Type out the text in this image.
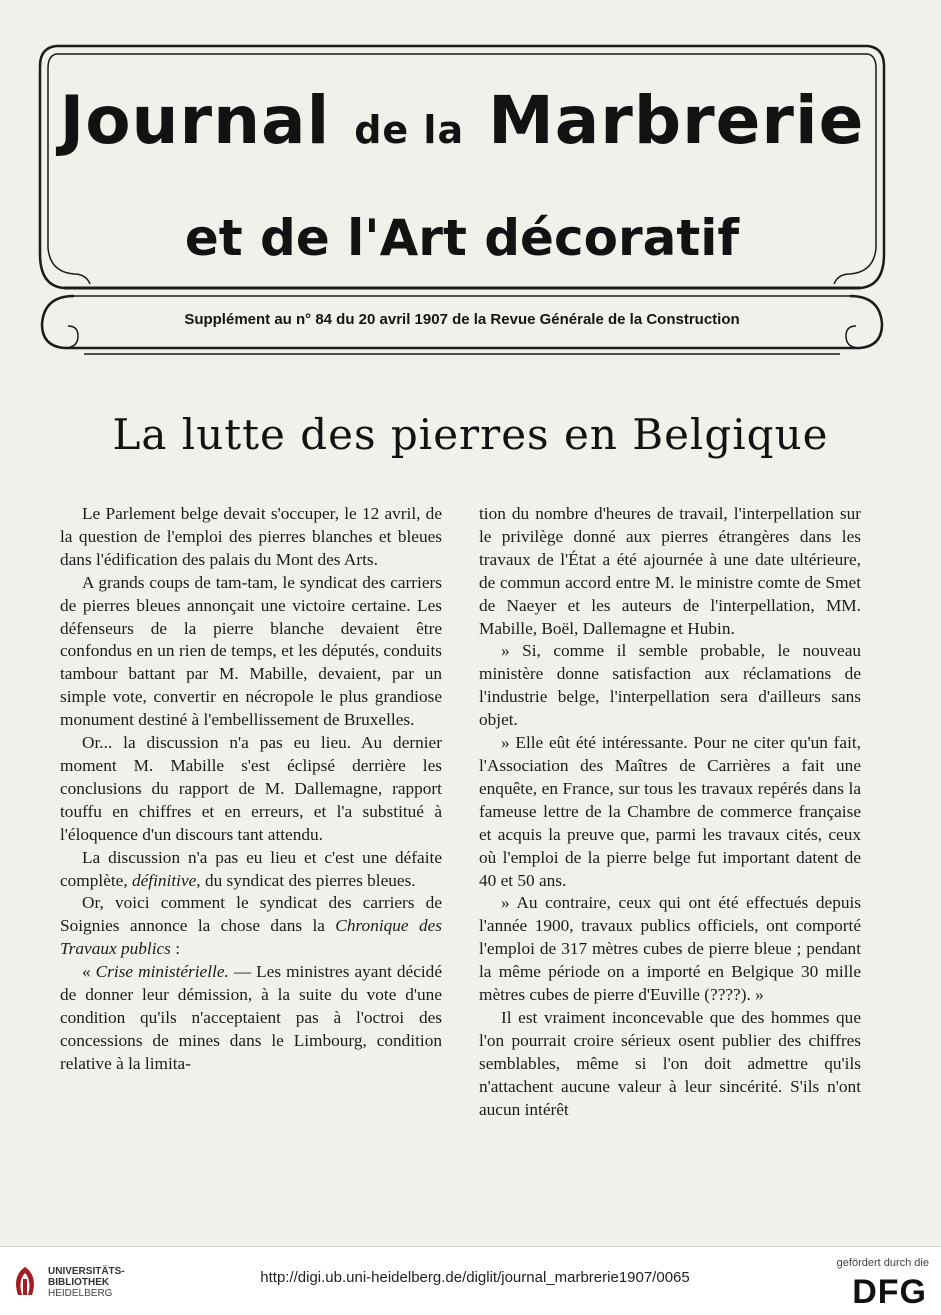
Journal de la Marbrerie
et de l'Art décoratif
Supplément au n° 84 du 20 avril 1907 de la Revue Générale de la Construction
La lutte des pierres en Belgique

Le Parlement belge devait s'occuper, le 12 avril, de la question de l'emploi des pierres blanches et bleues dans l'édification des palais du Mont des Arts.

A grands coups de tam-tam, le syndicat des carriers de pierres bleues annonçait une victoire certaine. Les défenseurs de la pierre blanche devaient être confondus en un rien de temps, et les députés, conduits tambour battant par M. Mabille, devaient, par un simple vote, convertir en nécropole le plus grandiose monument destiné à l'embellissement de Bruxelles.

Or... la discussion n'a pas eu lieu. Au dernier moment M. Mabille s'est éclipsé derrière les conclusions du rapport de M. Dallemagne, rapport touffu en chiffres et en erreurs, et l'a substitué à l'éloquence d'un discours tant attendu.

La discussion n'a pas eu lieu et c'est une défaite complète, définitive, du syndicat des pierres bleues.

Or, voici comment le syndicat des carriers de Soignies annonce la chose dans la Chronique des Travaux publics :

« Crise ministérielle. — Les ministres ayant décidé de donner leur démission, à la suite du vote d'une condition qu'ils n'acceptaient pas à l'octroi des concessions de mines dans le Limbourg, condition relative à la limita-

tion du nombre d'heures de travail, l'interpellation sur le privilège donné aux pierres étrangères dans les travaux de l'État a été ajournée à une date ultérieure, de commun accord entre M. le ministre comte de Smet de Naeyer et les auteurs de l'interpellation, MM. Mabille, Boël, Dallemagne et Hubin.

» Si, comme il semble probable, le nouveau ministère donne satisfaction aux réclamations de l'industrie belge, l'interpellation sera d'ailleurs sans objet.

» Elle eût été intéressante. Pour ne citer qu'un fait, l'Association des Maîtres de Carrières a fait une enquête, en France, sur tous les travaux repérés dans la fameuse lettre de la Chambre de commerce française et acquis la preuve que, parmi les travaux cités, ceux où l'emploi de la pierre belge fut important datent de 40 et 50 ans.

» Au contraire, ceux qui ont été effectués depuis l'année 1900, travaux publics officiels, ont comporté l'emploi de 317 mètres cubes de pierre bleue ; pendant la même période on a importé en Belgique 30 mille mètres cubes de pierre d'Euville (????). »

Il est vraiment inconcevable que des hommes que l'on pourrait croire sérieux osent publier des chiffres semblables, même si l'on doit admettre qu'ils n'attachent aucune valeur à leur sincérité. S'ils n'ont aucun intérêt

UNIVERSITÄTS-
BIBLIOTHEK
HEIDELBERG
http://digi.ub.uni-heidelberg.de/diglit/journal_marbrerie1907/0065
gefördert durch die
DFG
